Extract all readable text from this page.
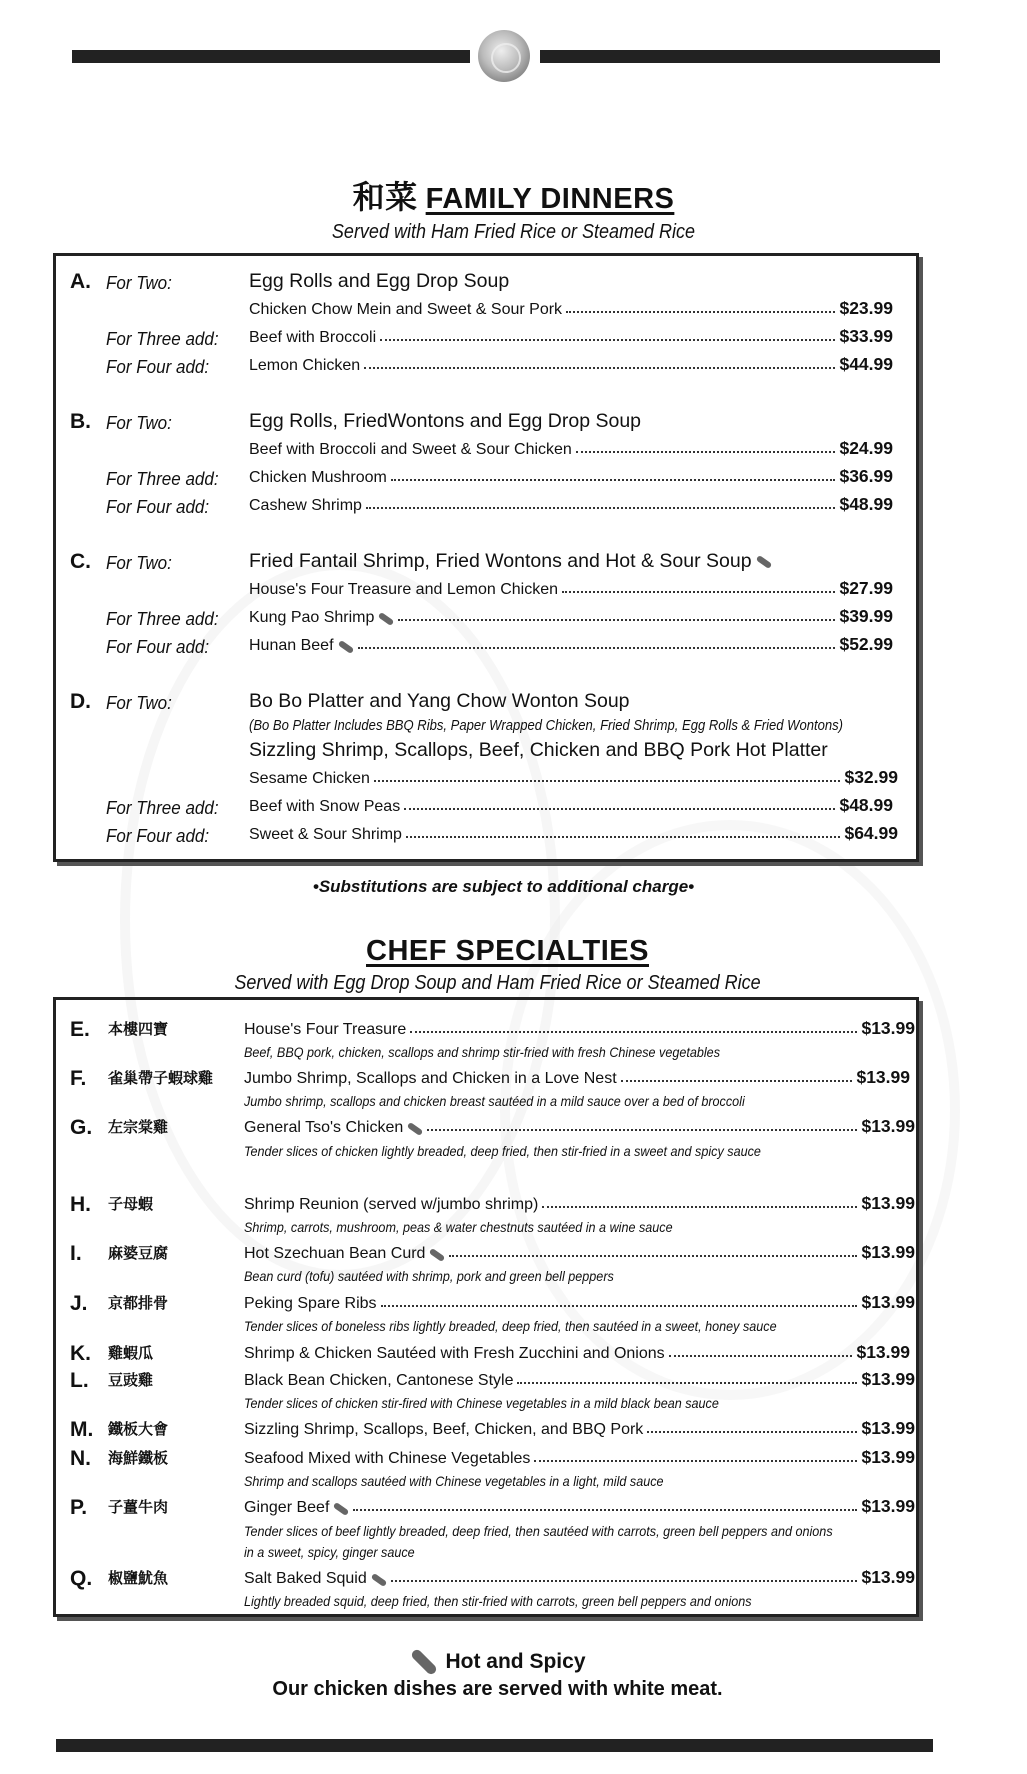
和菜 FAMILY DINNERS
Served with Ham Fried Rice or Steamed Rice
A. For Two:	Egg Rolls and Egg Drop Soup
Chicken Chow Mein and Sweet & Sour Pork	$23.99
For Three add: Beef with Broccoli	$33.99
For Four add: Lemon Chicken	$44.99
B. For Two:	Egg Rolls, FriedWontons and Egg Drop Soup
Beef with Broccoli and Sweet & Sour Chicken	$24.99
For Three add: Chicken Mushroom	$36.99
For Four add: Cashew Shrimp	$48.99
C. For Two:	Fried Fantail Shrimp, Fried Wontons and Hot & Sour Soup
House's Four Treasure and Lemon Chicken	$27.99
For Three add: Kung Pao Shrimp	$39.99
For Four add: Hunan Beef	$52.99
D. For Two:	Bo Bo Platter and Yang Chow Wonton Soup
(Bo Bo Platter Includes BBQ Ribs, Paper Wrapped Chicken, Fried Shrimp, Egg Rolls & Fried Wontons)
Sizzling Shrimp, Scallops, Beef, Chicken and BBQ Pork Hot Platter
Sesame Chicken	$32.99
For Three add: Beef with Snow Peas	$48.99
For Four add: Sweet & Sour Shrimp	$64.99
•Substitutions are subject to additional charge•
CHEF SPECIALTIES
Served with Egg Drop Soup and Ham Fried Rice or Steamed Rice
E. 本樓四寶	House's Four Treasure	$13.99
Beef, BBQ pork, chicken, scallops and shrimp stir-fried with fresh Chinese vegetables
F. 雀巢帶子蝦球雞 Jumbo Shrimp, Scallops and Chicken in a Love Nest	$13.99
Jumbo shrimp, scallops and chicken breast sautéed in a mild sauce over a bed of broccoli
G. 左宗棠雞	General Tso's Chicken	$13.99
Tender slices of chicken lightly breaded, deep fried, then stir-fried in a sweet and spicy sauce
H. 子母蝦	Shrimp Reunion (served w/jumbo shrimp)	$13.99
Shrimp, carrots, mushroom, peas & water chestnuts sautéed in a wine sauce
I. 麻婆豆腐	Hot Szechuan Bean Curd	$13.99
Bean curd (tofu) sautéed with shrimp, pork and green bell peppers
J. 京都排骨	Peking Spare Ribs	$13.99
Tender slices of boneless ribs lightly breaded, deep fried, then sautéed in a sweet, honey sauce
K. 雞蝦瓜	Shrimp & Chicken Sautéed with Fresh Zucchini and Onions	$13.99
L. 豆豉雞	Black Bean Chicken, Cantonese Style	$13.99
Tender slices of chicken stir-fired with Chinese vegetables in a mild black bean sauce
M. 鐵板大會	Sizzling Shrimp, Scallops, Beef, Chicken, and BBQ Pork	$13.99
N. 海鮮鐵板	Seafood Mixed with Chinese Vegetables	$13.99
Shrimp and scallops sautéed with Chinese vegetables in a light, mild sauce
P. 子薑牛肉	Ginger Beef	$13.99
Tender slices of beef lightly breaded, deep fried, then sautéed with carrots, green bell peppers and onions
in a sweet, spicy, ginger sauce
Q. 椒鹽魷魚	Salt Baked Squid	$13.99
Lightly breaded squid, deep fried, then stir-fried with carrots, green bell peppers and onions
Hot and Spicy
Our chicken dishes are served with white meat.
